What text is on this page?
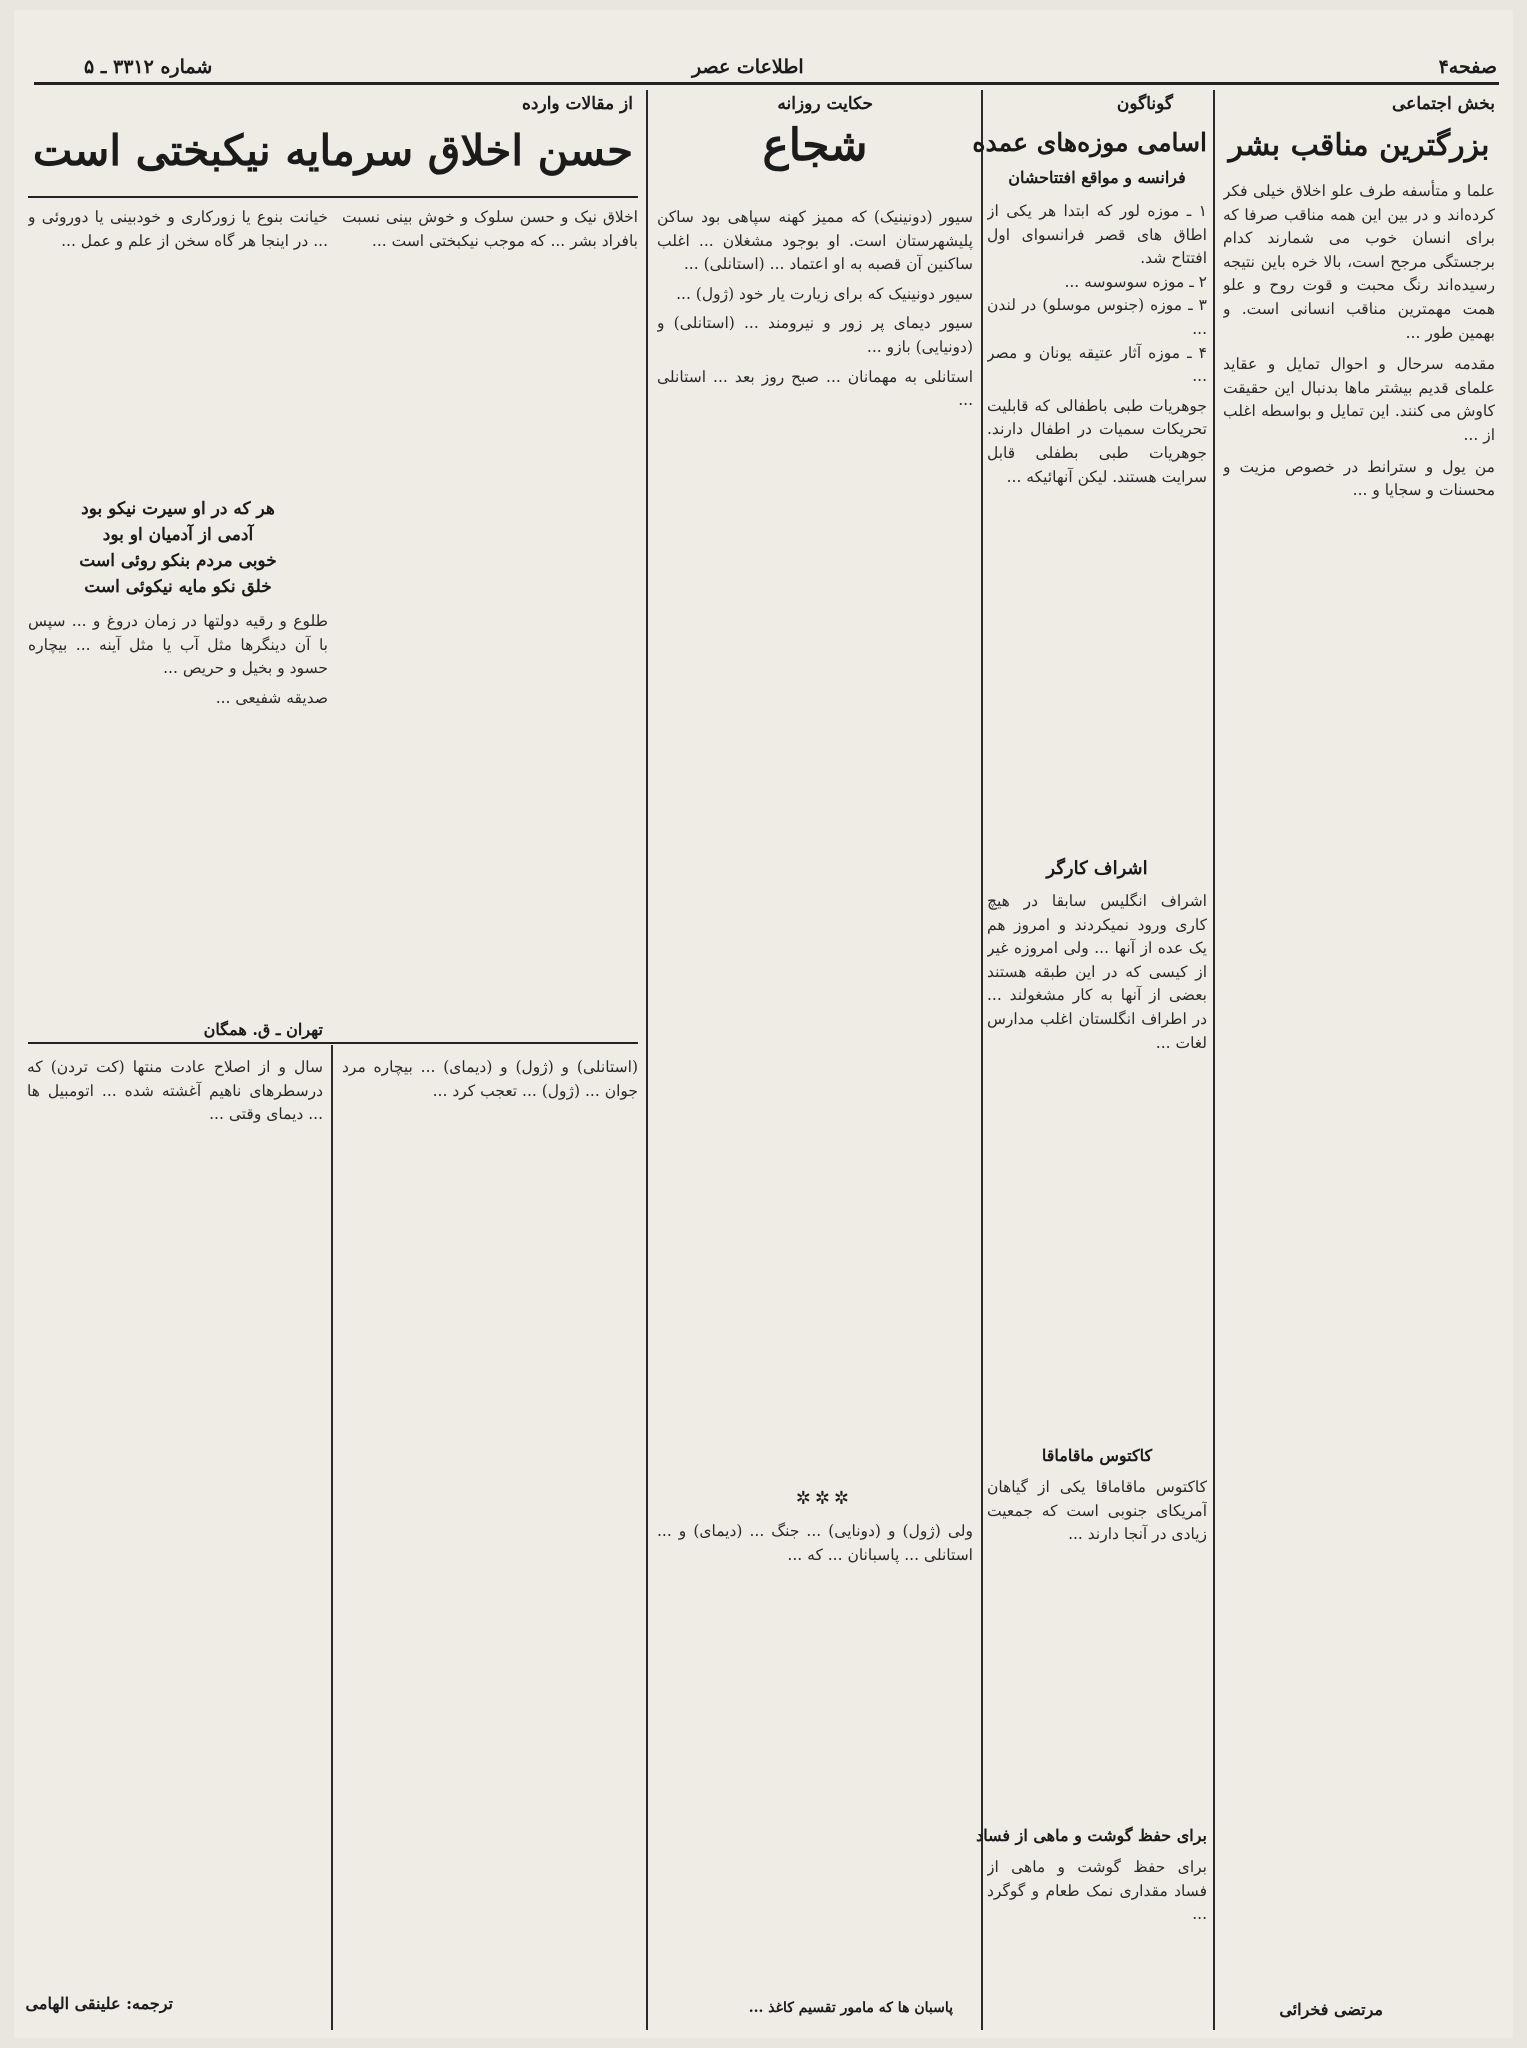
صفحه۴
اطلاعات عصر
شماره ۳۳۱۲ ـ ۵
بخش اجتماعی
بزرگترین مناقب بشر

علما و متأسفه طرف علو اخلاق خیلی فکر کرده‌اند و در بین این همه مناقب صرفا که برای انسان خوب می شمارند کدام برجستگی مرجح است، بالا خره باین نتیجه رسیده‌اند رنگ محبت و قوت روح و علو همت مهمترین مناقب انسانی است. و بهمین طور ...

مقدمه سرحال و احوال تمایل و عقاید علمای قدیم بیشتر ماها بدنبال این حقیقت کاوش می کنند. این تمایل و بواسطه اغلب از ...

من یول و سترانط در خصوص مزیت و محسنات و سجایا و ...

مرتضی فخرائی
گوناگون
اسامی موزه‌های عمده
فرانسه و مواقع افتتاحشان

۱ ـ موزه لور که ابتدا هر یکی از اطاق های قصر فرانسوای اول افتتاح شد.

۲ ـ موزه سوسوسه ...

۳ ـ موزه (جنوس موسلو) در لندن ...

۴ ـ موزه آثار عتیقه یونان و مصر ...

جوهریات طبی باطفالی که قابلیت تحریکات سمیات در اطفال دارند. جوهریات طبی بطفلی قابل سرایت هستند. لیکن آنهائیکه ...

اشراف کارگر

اشراف انگلیس سابقا در هیچ کاری ورود نمیکردند و امروز هم یک عده از آنها ... ولی امروزه غیر از کیسی که در این طبقه هستند بعضی از آنها به کار مشغولند ... در اطراف انگلستان اغلب مدارس لغات ...

کاکتوس ماقاماقا

کاکتوس ماقاماقا یکی از گیاهان آمریکای جنوبی است که جمعیت زیادی در آنجا دارند ...

برای حفظ گوشت و ماهی از فساد

برای حفظ گوشت و ماهی از فساد مقداری نمک طعام و گوگرد ...

حکایت روزانه
شجاع

سیور (دونینیک) که ممیز کهنه سپاهی بود ساکن پلیشهرستان است. او بوجود مشغلان ... اغلب ساکنین آن قصبه به او اعتماد ... (استانلی) ...

سیور دونینیک که برای زیارت یار خود (ژول) ...

سیور دیمای پر زور و نیرومند ... (استانلی) و (دونیایی) بازو ...

استانلی به مهمانان ... صبح روز بعد ... استانلی ...

✲✲✲

ولی (ژول) و (دونایی) ... جنگ ... (دیمای) و ... استانلی ... پاسبانان ... که ...

پاسبان ها که مامور تقسیم کاغذ ...
از مقالات وارده
حسن اخلاق سرمایه نیکبختی است

اخلاق نیک و حسن سلوک و خوش بینی نسبت بافراد بشر ... که موجب نیکبختی است ...

خیانت بنوع یا زورکاری و خودبینی یا دوروئی و ... در اینجا هر گاه سخن از علم و عمل ...

هر که در او سیرت نیکو بود
آدمی از آدمیان او بود
خوبی مردم بنکو روئی است
خلق نکو مایه نیکوئی است

طلوع و رقیه دولتها در زمان دروغ و ... سپس با آن دینگرها مثل آب یا مثل آینه ... بیچاره حسود و بخیل و حریص ...

صدیقه شفیعی ...

تهران ـ ق. همگان

(استانلی) و (ژول) و (دیمای) ... بیچاره مرد جوان ... (ژول) ... تعجب کرد ...

سال و از اصلاح عادت منتها (کت تردن) که درسطرهای ناهیم آغشته شده ... اتومبیل ها ... دیمای وقتی ...

ترجمه: علینقی الهامی
